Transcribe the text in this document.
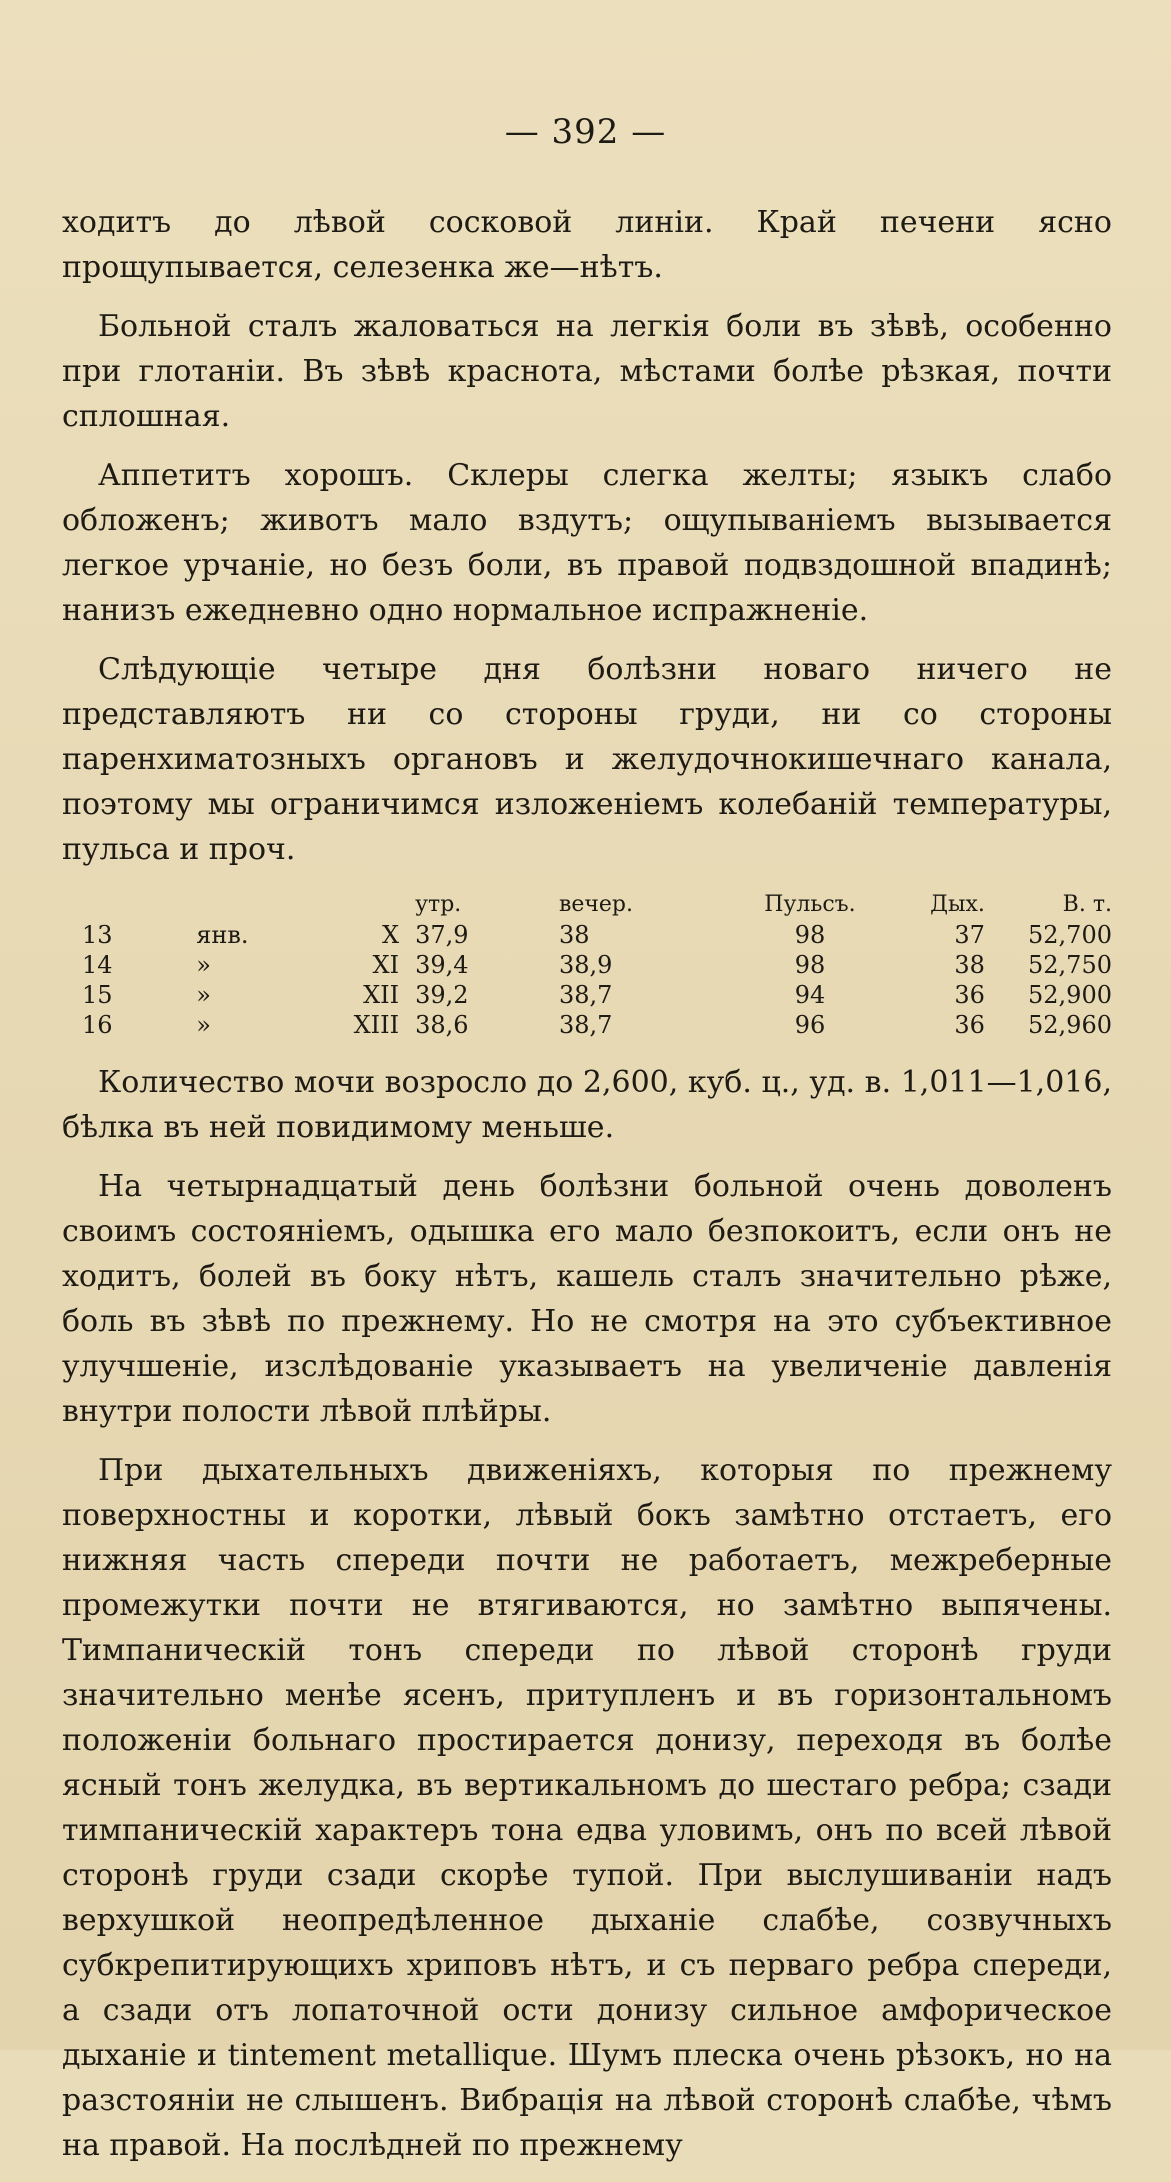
— 392 —

ходитъ до лѣвой сосковой линіи. Край печени ясно прощупывается, селезенка же—нѣтъ.

Больной сталъ жаловаться на легкія боли въ зѣвѣ, особенно при глотаніи. Въ зѣвѣ краснота, мѣстами болѣе рѣзкая, почти сплошная.

Аппетитъ хорошъ. Склеры слегка желты; языкъ слабо обложенъ; животъ мало вздутъ; ощупываніемъ вызывается легкое урчаніе, но безъ боли, въ правой подвздошной впадинѣ; нанизъ ежедневно одно нормальное испражненіе.

Слѣдующіе четыре дня болѣзни новаго ничего не представляютъ ни со стороны груди, ни со стороны паренхиматозныхъ органовъ и желудочнокишечнаго канала, поэтому мы ограничимся изложеніемъ колебаній температуры, пульса и проч.

			утр.	вечер.	Пульсъ.	Дых.	В. т.
13	янв.	X	37,9	38	98	37	52,700
14	»	XI	39,4	38,9	98	38	52,750
15	»	XII	39,2	38,7	94	36	52,900
16	»	XIII	38,6	38,7	96	36	52,960

Количество мочи возросло до 2,600, куб. ц., уд. в. 1,011—1,016, бѣлка въ ней повидимому меньше.

На четырнадцатый день болѣзни больной очень доволенъ своимъ состояніемъ, одышка его мало безпокоитъ, если онъ не ходитъ, болей въ боку нѣтъ, кашель сталъ значительно рѣже, боль въ зѣвѣ по прежнему. Но не смотря на это субъективное улучшеніе, изслѣдованіе указываетъ на увеличеніе давленія внутри полости лѣвой плѣйры.

При дыхательныхъ движеніяхъ, которыя по прежнему поверхностны и коротки, лѣвый бокъ замѣтно отстаетъ, его нижняя часть спереди почти не работаетъ, межреберные промежутки почти не втягиваются, но замѣтно выпячены. Тимпаническій тонъ спереди по лѣвой сторонѣ груди значительно менѣе ясенъ, притупленъ и въ горизонтальномъ положеніи больнаго простирается донизу, переходя въ болѣе ясный тонъ желудка, въ вертикальномъ до шестаго ребра; сзади тимпаническій характеръ тона едва уловимъ, онъ по всей лѣвой сторонѣ груди сзади скорѣе тупой. При выслушиваніи надъ верхушкой неопредѣленное дыханіе слабѣе, созвучныхъ субкрепитирующихъ хриповъ нѣтъ, и съ перваго ребра спереди, а сзади отъ лопаточной ости донизу сильное амфорическое дыханіе и tintement metallique. Шумъ плеска очень рѣзокъ, но на разстояніи не слышенъ. Вибрація на лѣвой сторонѣ слабѣе, чѣмъ на правой. На послѣдней по прежнему
